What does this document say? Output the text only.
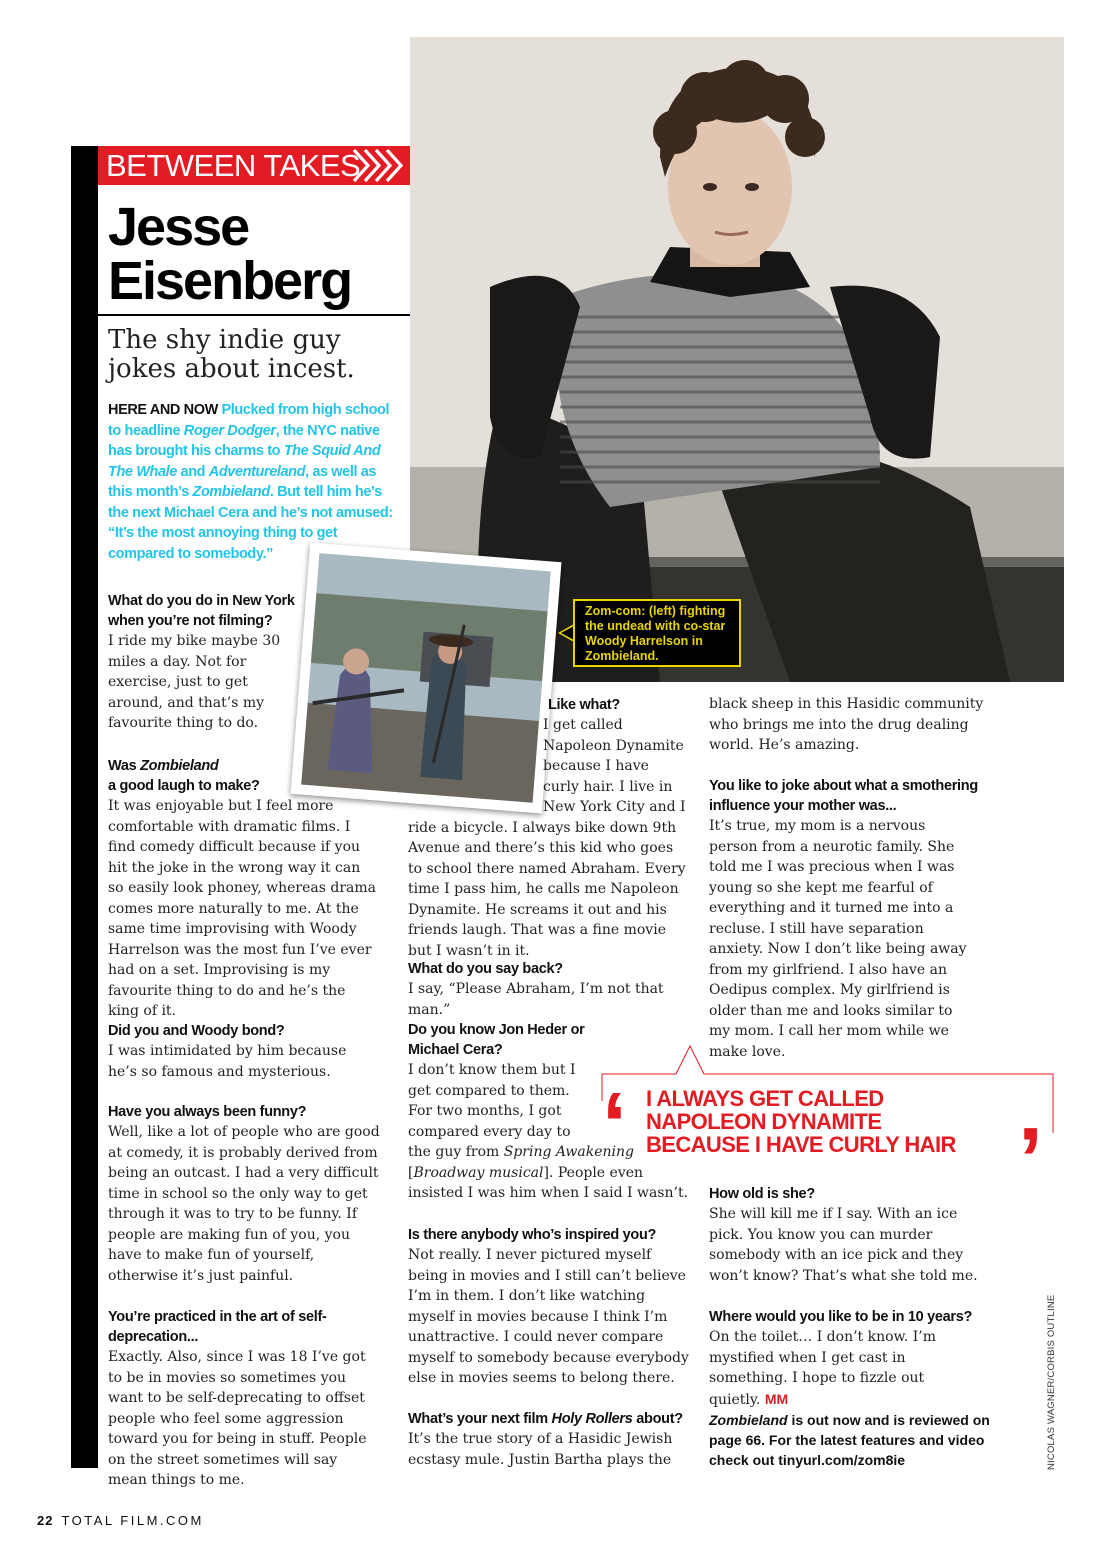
BETWEEN TAKES
Jesse
Eisenberg
The shy indie guy jokes about incest.
HERE AND NOW Plucked from high school to headline Roger Dodger, the NYC native has brought his charms to The Squid And The Whale and Adventureland, as well as this month’s Zombieland. But tell him he’s the next Michael Cera and he’s not amused: “It’s the most annoying thing to get compared to somebody.”
Zom-com: (left) fighting the undead with co-star Woody Harrelson in Zombieland.

What do you do in New York when you’re not filming?

I ride my bike maybe 30 miles a day. Not for exercise, just to get around, and that’s my favourite thing to do.

Was Zombieland
a good laugh to make?

It was enjoyable but I feel more comfortable with dramatic films. I find comedy difficult because if you hit the joke in the wrong way it can so easily look phoney, whereas drama comes more naturally to me. At the same time improvising with Woody Harrelson was the most fun I’ve ever had on a set. Improvising is my favourite thing to do and he’s the king of it.

Did you and Woody bond?

I was intimidated by him because he’s so famous and mysterious.

Have you always been funny?

Well, like a lot of people who are good at comedy, it is probably derived from being an outcast. I had a very difficult time in school so the only way to get through it was to try to be funny. If people are making fun of you, you have to make fun of yourself, otherwise it’s just painful.

You’re practiced in the art of self-deprecation...

Exactly. Also, since I was 18 I’ve got to be in movies so sometimes you want to be self-deprecating to offset people who feel some aggression toward you for being in stuff. People on the street sometimes will say mean things to me.

Like what?

I get called Napoleon Dynamite because I have curly hair. I live in New York City and I ride a bicycle. I always bike down 9th Avenue and there’s this kid who goes to school there named Abraham. Every time I pass him, he calls me Napoleon Dynamite. He screams it out and his friends laugh. That was a fine movie but I wasn’t in it.

What do you say back?

I say, “Please Abraham, I’m not that man.”

Do you know Jon Heder or Michael Cera?

I don’t know them but I get compared to them. For two months, I got compared every day to the guy from Spring Awakening [Broadway musical]. People even insisted I was him when I said I wasn’t.

Is there anybody who’s inspired you?

Not really. I never pictured myself being in movies and I still can’t believe I’m in them. I don’t like watching myself in movies because I think I’m unattractive. I could never compare myself to somebody because everybody else in movies seems to belong there.

What’s your next film Holy Rollers about?

It’s the true story of a Hasidic Jewish ecstasy mule. Justin Bartha plays the

black sheep in this Hasidic community who brings me into the drug dealing world. He’s amazing.

You like to joke about what a smothering influence your mother was...

It’s true, my mom is a nervous person from a neurotic family. She told me I was precious when I was young so she kept me fearful of everything and it turned me into a recluse. I still have separation anxiety. Now I don’t like being away from my girlfriend. I also have an Oedipus complex. My girlfriend is older than me and looks similar to my mom. I call her mom while we make love.

How old is she?

She will kill me if I say. With an ice pick. You know you can murder somebody with an ice pick and they won’t know? That’s what she told me.

Where would you like to be in 10 years?

On the toilet… I don’t know. I’m mystified when I get cast in something. I hope to fizzle out quietly. MM

‘ I ALWAYS GET CALLED NAPOLEON DYNAMITE BECAUSE I HAVE CURLY HAIR ’
Zombieland is out now and is reviewed on page 66. For the latest features and video check out tinyurl.com/zom8ie	NICOLAS WAGNER/CORBIS OUTLINE
22 TOTAL FILM.COM
